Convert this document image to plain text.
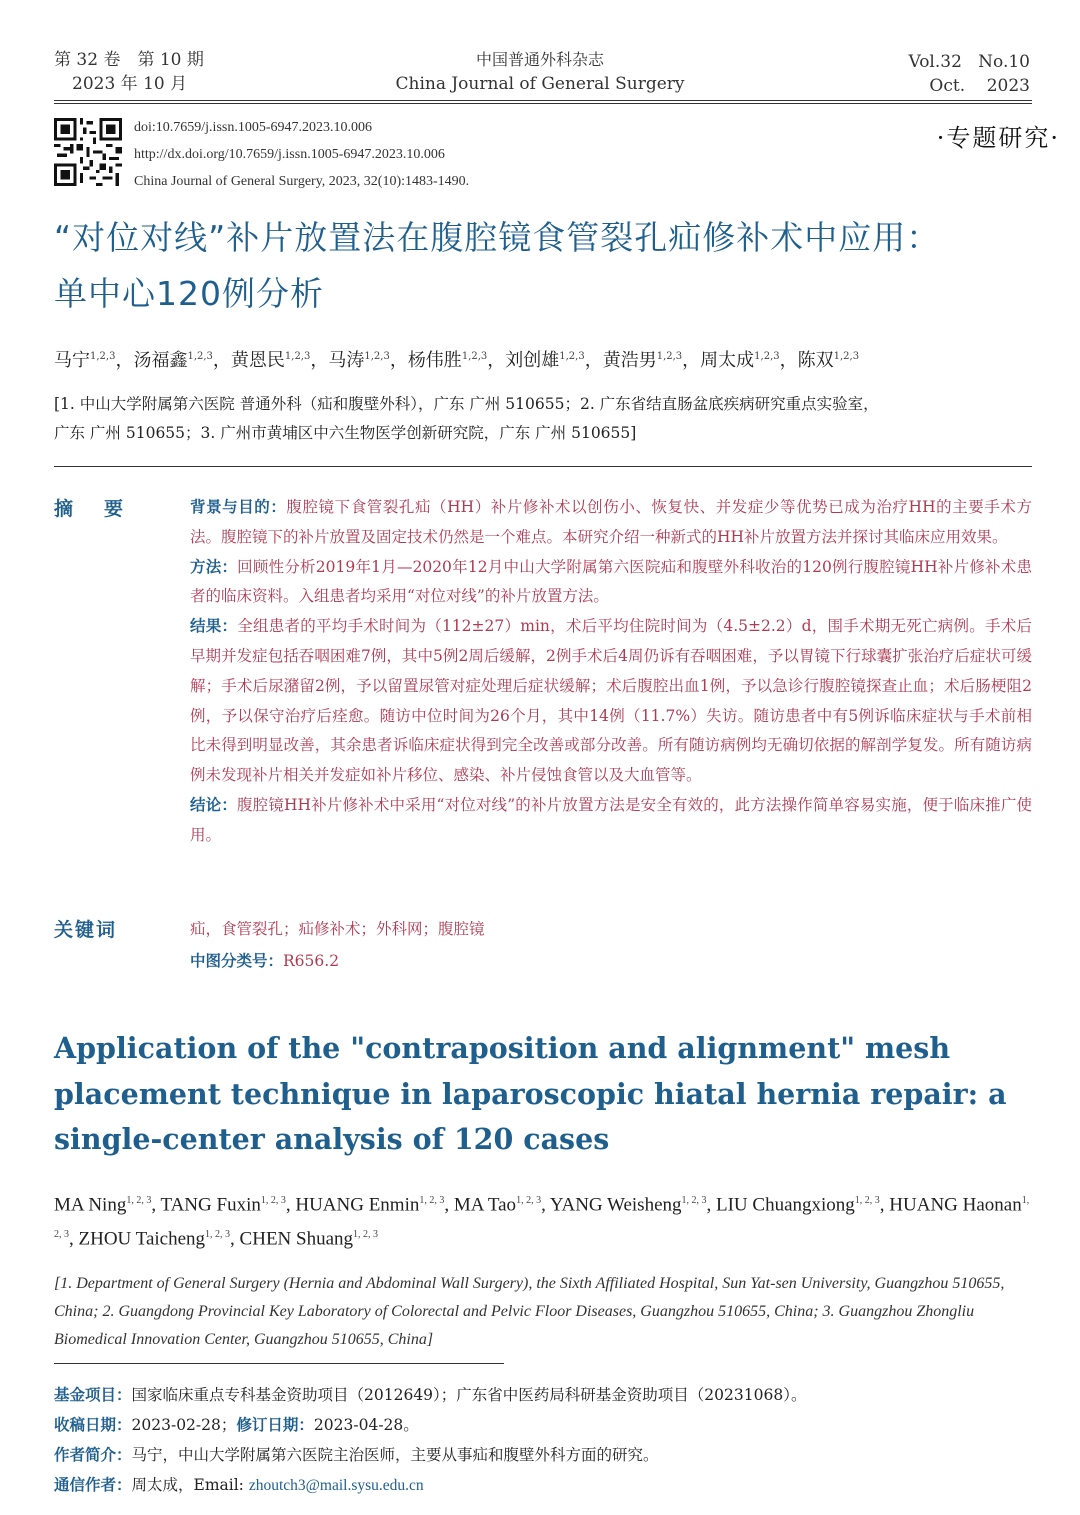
第 32 卷　第 10 期
2023 年 10 月
中国普通外科杂志
China Journal of General Surgery
Vol.32 No.10
Oct. 2023
doi:10.7659/j.issn.1005-6947.2023.10.006
http://dx.doi.org/10.7659/j.issn.1005-6947.2023.10.006
China Journal of General Surgery, 2023, 32(10):1483-1490.
·专题研究·
“对位对线”补片放置法在腹腔镜食管裂孔疝修补术中应用：
单中心120例分析
马宁$^{1,2,3}$，汤福鑫$^{1,2,3}$，黄恩民$^{1,2,3}$，马涛$^{1,2,3}$，杨伟胜$^{1,2,3}$，刘创雄$^{1,2,3}$，黄浩男$^{1,2,3}$，周太成$^{1,2,3}$，陈双$^{1,2,3}$
[1. 中山大学附属第六医院 普通外科（疝和腹壁外科），广东 广州 510655；2. 广东省结直肠盆底疾病研究重点实验室，
广东 广州 510655；3. 广州市黄埔区中六生物医学创新研究院，广东 广州 510655]
摘　要	背景与目的：腹腔镜下食管裂孔疝（HH）补片修补术以创伤小、恢复快、并发症少等优势已成为治疗HH的主要手术方法。腹腔镜下的补片放置及固定技术仍然是一个难点。本研究介绍一种新式的HH补片放置方法并探讨其临床应用效果。

方法：回顾性分析2019年1月—2020年12月中山大学附属第六医院疝和腹壁外科收治的120例行腹腔镜HH补片修补术患者的临床资料。入组患者均采用“对位对线”的补片放置方法。

结果：全组患者的平均手术时间为（112±27）min，术后平均住院时间为（4.5±2.2）d，围手术期无死亡病例。手术后早期并发症包括吞咽困难7例，其中5例2周后缓解，2例手术后4周仍诉有吞咽困难，予以胃镜下行球囊扩张治疗后症状可缓解；手术后尿潴留2例，予以留置尿管对症处理后症状缓解；术后腹腔出血1例，予以急诊行腹腔镜探查止血；术后肠梗阻2例，予以保守治疗后痊愈。随访中位时间为26个月，其中14例（11.7%）失访。随访患者中有5例诉临床症状与手术前相比未得到明显改善，其余患者诉临床症状得到完全改善或部分改善。所有随访病例均无确切依据的解剖学复发。所有随访病例未发现补片相关并发症如补片移位、感染、补片侵蚀食管以及大血管等。

结论：腹腔镜HH补片修补术中采用“对位对线”的补片放置方法是安全有效的，此方法操作简单容易实施，便于临床推广使用。

关键词	疝，食管裂孔；疝修补术；外科网；腹腔镜
中图分类号：R656.2
Application of the "contraposition and alignment" mesh placement technique in laparoscopic hiatal hernia repair: a single-center analysis of 120 cases
MA Ning$^{1, 2, 3}$, TANG Fuxin$^{1, 2, 3}$, HUANG Enmin$^{1, 2, 3}$, MA Tao$^{1, 2, 3}$, YANG Weisheng$^{1, 2, 3}$, LIU Chuangxiong$^{1, 2, 3}$, HUANG Haonan$^{1, 2, 3}$, ZHOU Taicheng$^{1, 2, 3}$, CHEN Shuang$^{1, 2, 3}$
[1. Department of General Surgery (Hernia and Abdominal Wall Surgery), the Sixth Affiliated Hospital, Sun Yat-sen University, Guangzhou 510655, China; 2. Guangdong Provincial Key Laboratory of Colorectal and Pelvic Floor Diseases, Guangzhou 510655, China; 3. Guangzhou Zhongliu Biomedical Innovation Center, Guangzhou 510655, China]

基金项目：国家临床重点专科基金资助项目（2012649）；广东省中医药局科研基金资助项目（20231068）。

收稿日期：2023-02-28；修订日期：2023-04-28。

作者简介：马宁，中山大学附属第六医院主治医师，主要从事疝和腹壁外科方面的研究。

通信作者：周太成，Email: zhoutch3@mail.sysu.edu.cn
